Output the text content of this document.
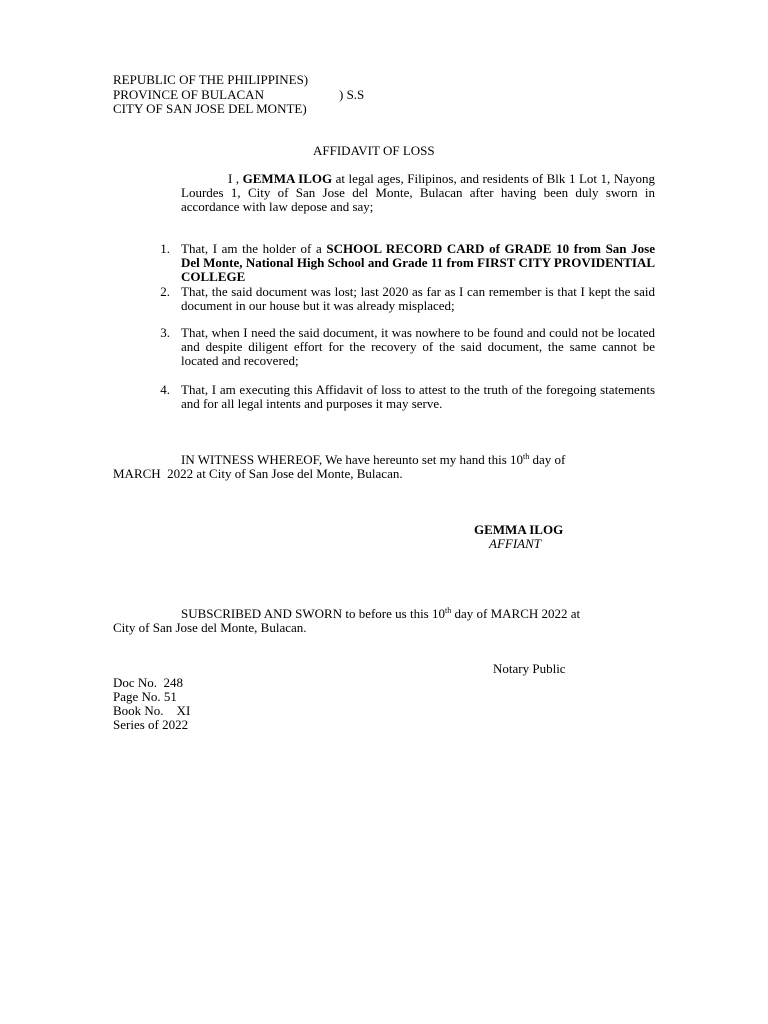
REPUBLIC OF THE PHILIPPINES)
PROVINCE OF BULACAN	) S.S
CITY OF SAN JOSE DEL MONTE)
AFFIDAVIT OF LOSS
I , GEMMA ILOG at legal ages, Filipinos, and residents of Blk 1 Lot 1, Nayong Lourdes 1, City of San Jose del Monte, Bulacan after having been duly sworn in accordance with law depose and say;
1. That, I am the holder of a SCHOOL RECORD CARD of GRADE 10 from San Jose Del Monte, National High School and Grade 11 from FIRST CITY PROVIDENTIAL COLLEGE
2. That, the said document was lost; last 2020 as far as I can remember is that I kept the said document in our house but it was already misplaced;
3. That, when I need the said document, it was nowhere to be found and could not be located and despite diligent effort for the recovery of the said document, the same cannot be located and recovered;
4. That, I am executing this Affidavit of loss to attest to the truth of the foregoing statements and for all legal intents and purposes it may serve.
IN WITNESS WHEREOF, We have hereunto set my hand this 10th day of
MARCH  2022 at City of San Jose del Monte, Bulacan.
GEMMA ILOG
AFFIANT
SUBSCRIBED AND SWORN to before us this 10th day of MARCH 2022 at
City of San Jose del Monte, Bulacan.
Notary Public
Doc No.  248
Page No. 51
Book No.    XI
Series of 2022
